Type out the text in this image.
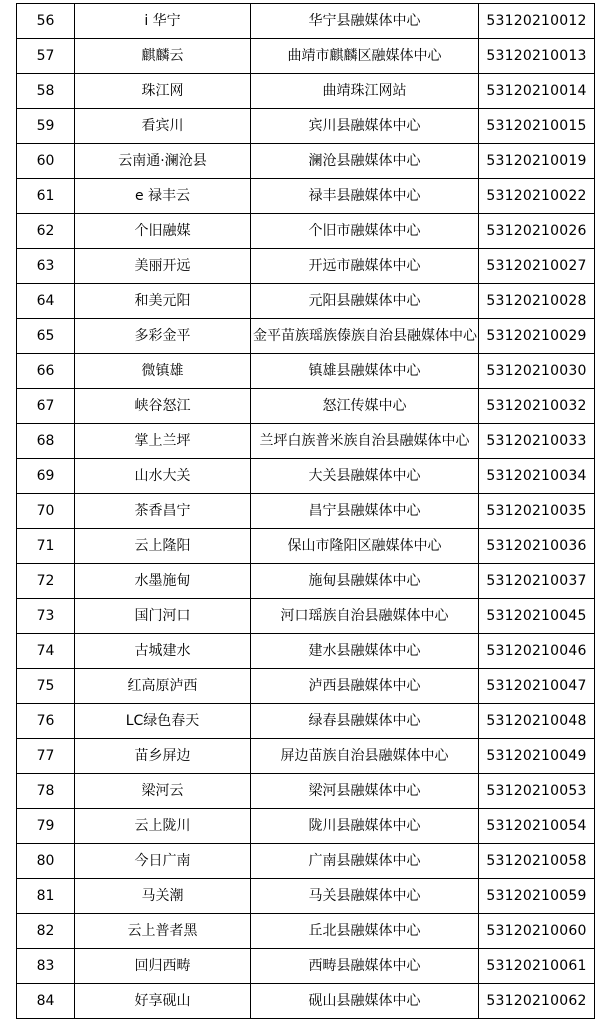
56	i 华宁	华宁县融媒体中心	53120210012
57	麒麟云	曲靖市麒麟区融媒体中心	53120210013
58	珠江网	曲靖珠江网站	53120210014
59	看宾川	宾川县融媒体中心	53120210015
60	云南通·澜沧县	澜沧县融媒体中心	53120210019
61	e 禄丰云	禄丰县融媒体中心	53120210022
62	个旧融媒	个旧市融媒体中心	53120210026
63	美丽开远	开远市融媒体中心	53120210027
64	和美元阳	元阳县融媒体中心	53120210028
65	多彩金平	金平苗族瑶族傣族自治县融媒体中心	53120210029
66	微镇雄	镇雄县融媒体中心	53120210030
67	峡谷怒江	怒江传媒中心	53120210032
68	掌上兰坪	兰坪白族普米族自治县融媒体中心	53120210033
69	山水大关	大关县融媒体中心	53120210034
70	茶香昌宁	昌宁县融媒体中心	53120210035
71	云上隆阳	保山市隆阳区融媒体中心	53120210036
72	水墨施甸	施甸县融媒体中心	53120210037
73	国门河口	河口瑶族自治县融媒体中心	53120210045
74	古城建水	建水县融媒体中心	53120210046
75	红高原泸西	泸西县融媒体中心	53120210047
76	LC绿色春天	绿春县融媒体中心	53120210048
77	苗乡屏边	屏边苗族自治县融媒体中心	53120210049
78	梁河云	梁河县融媒体中心	53120210053
79	云上陇川	陇川县融媒体中心	53120210054
80	今日广南	广南县融媒体中心	53120210058
81	马关潮	马关县融媒体中心	53120210059
82	云上普者黑	丘北县融媒体中心	53120210060
83	回归西畴	西畴县融媒体中心	53120210061
84	好享砚山	砚山县融媒体中心	53120210062
